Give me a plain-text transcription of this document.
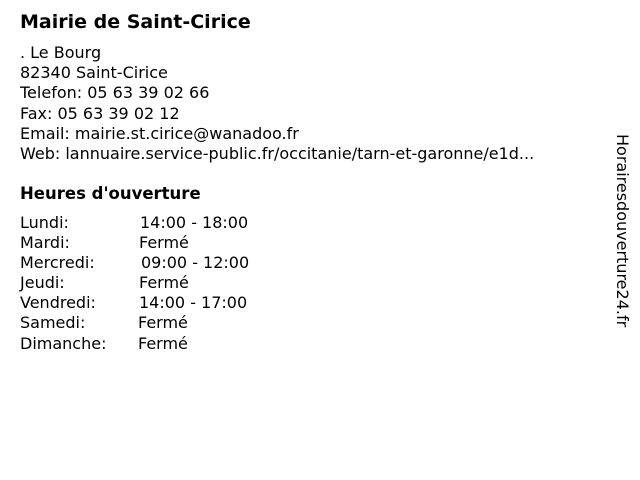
Mairie de Saint-Cirice
. Le Bourg
82340 Saint-Cirice
Telefon: 05 63 39 02 66
Fax: 05 63 39 02 12
Email: mairie.st.cirice@wanadoo.fr
Web: lannuaire.service-public.fr/occitanie/tarn-et-garonne/e1d...
Heures d'ouverture
Lundi:	14:00 - 18:00
Mardi:	Fermé
Mercredi:	09:00 - 12:00
Jeudi:	Fermé
Vendredi:	14:00 - 17:00
Samedi:	Fermé
Dimanche: Fermé
Horairesdouverture24.fr
